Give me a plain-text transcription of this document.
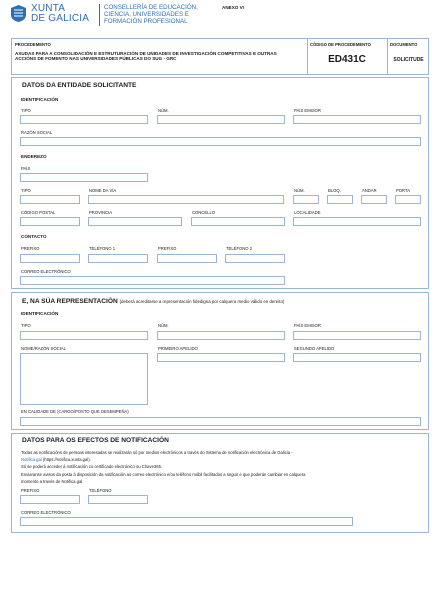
XUNTA
DE GALICIA
CONSELLERÍA DE EDUCACIÓN,
CIENCIA, UNIVERSIDADES E
FORMACIÓN PROFESIONAL
ANEXO VI
PROCEDEMENTO
AXUDAS PARA A CONSOLIDACIÓN E ESTRUTURACIÓN DE UNIDADES DE INVESTIGACIÓN COMPETITIVAS E OUTRAS ACCIÓNS DE FOMENTO NAS UNIVERSIDADES PÚBLICAS DO SUG - GRC
CÓDIGO DE PROCEDEMENTO
ED431C
DOCUMENTO
SOLICITUDE
DATOS DA ENTIDADE SOLICITANTE
IDENTIFICACIÓN
TIPO	NÚM.	PAÍS EMISOR
RAZÓN SOCIAL
ENDEREZO
PAÍS
TIPO	NOME DA VÍA	NÚM.	BLOQ.	ANDAR	PORTA
CÓDIGO POSTAL	PROVINCIA	CONCELLO	LOCALIDADE
CONTACTO
PREFIXO	TELÉFONO 1	PREFIXO	TELÉFONO 2
CORREO ELECTRÓNICO
E, NA SÚA REPRESENTACIÓN (deberá acreditarse a representación fidedigna por calquera medio válido en dereito)
IDENTIFICACIÓN
TIPO	NÚM.	PAÍS EMISOR
NOME/RAZÓN SOCIAL	PRIMEIRO APELIDO	SEGUNDO APELIDO
EN CALIDADE DE (CARGO/POSTO QUE DESEMPEÑA)
DATOS PARA OS EFECTOS DE NOTIFICACIÓN

Todas as notificacións de persoas interesadas se realizarán só por medios electrónicos a través do Sistema de notificación electrónica de Galicia -

Notifica.gal (https://notifica.xunta.gal).

Só se poderá acceder á notificación co certificado electrónico ou Chave365.

Enviaranse avisos da posta á disposición da notificación ao correo electrónico e/ou teléfono móbil facilitados a seguir e que poderán cambiar en calquera

momento a través de Notifica.gal

PREFIXO	TELÉFONO
CORREO ELECTRÓNICO
